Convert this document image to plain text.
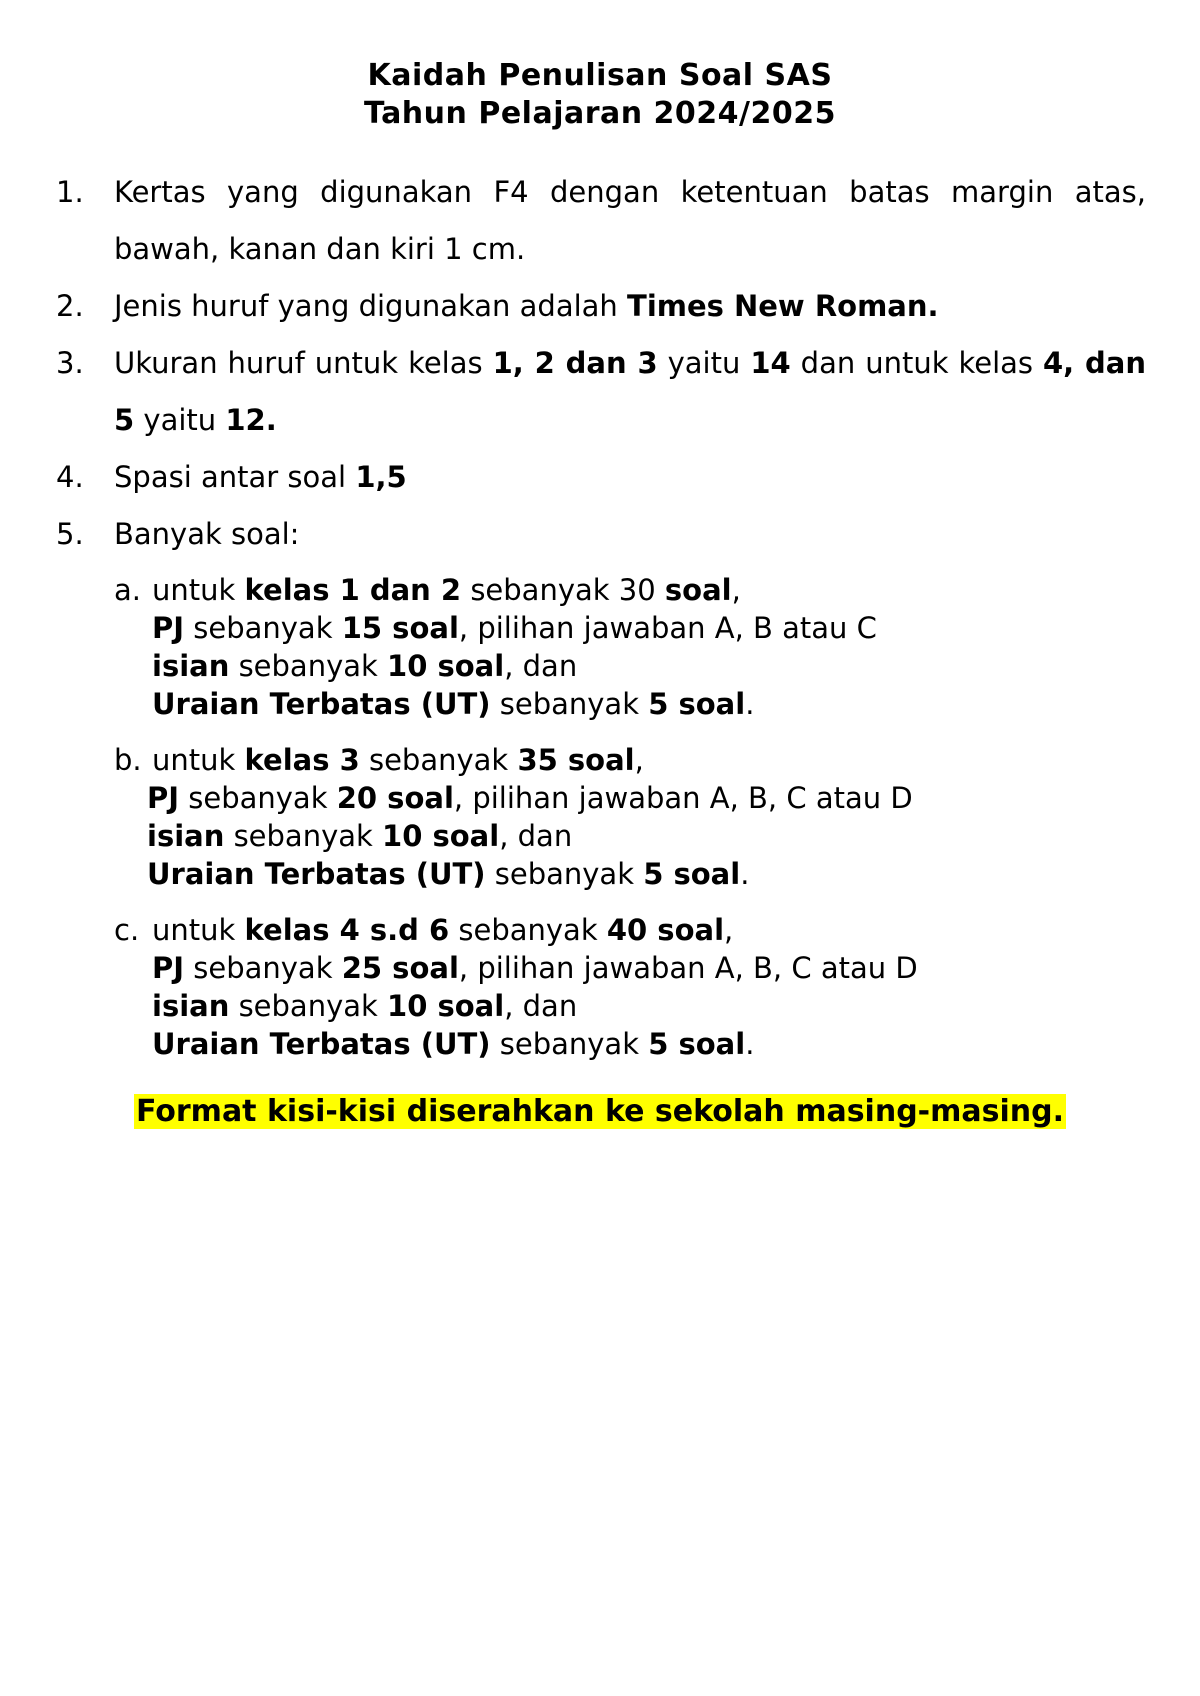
Kaidah Penulisan Soal SAS
Tahun Pelajaran 2024/2025
1. Kertas yang digunakan F4 dengan ketentuan batas margin atas, bawah, kanan dan kiri 1 cm.
2. Jenis huruf yang digunakan adalah Times New Roman.
3. Ukuran huruf untuk kelas 1, 2 dan 3 yaitu 14 dan untuk kelas 4, dan 5 yaitu 12.
4. Spasi antar soal 1,5
5. Banyak soal:
a. untuk kelas 1 dan 2 sebanyak 30 soal,
PJ sebanyak 15 soal, pilihan jawaban A, B atau C
isian sebanyak 10 soal, dan
Uraian Terbatas (UT) sebanyak 5 soal.
b. untuk kelas 3 sebanyak 35 soal,
PJ sebanyak 20 soal, pilihan jawaban A, B, C atau D
isian sebanyak 10 soal, dan
Uraian Terbatas (UT) sebanyak 5 soal.
c. untuk kelas 4 s.d 6 sebanyak 40 soal,
PJ sebanyak 25 soal, pilihan jawaban A, B, C atau D
isian sebanyak 10 soal, dan
Uraian Terbatas (UT) sebanyak 5 soal.
Format kisi-kisi diserahkan ke sekolah masing-masing.
